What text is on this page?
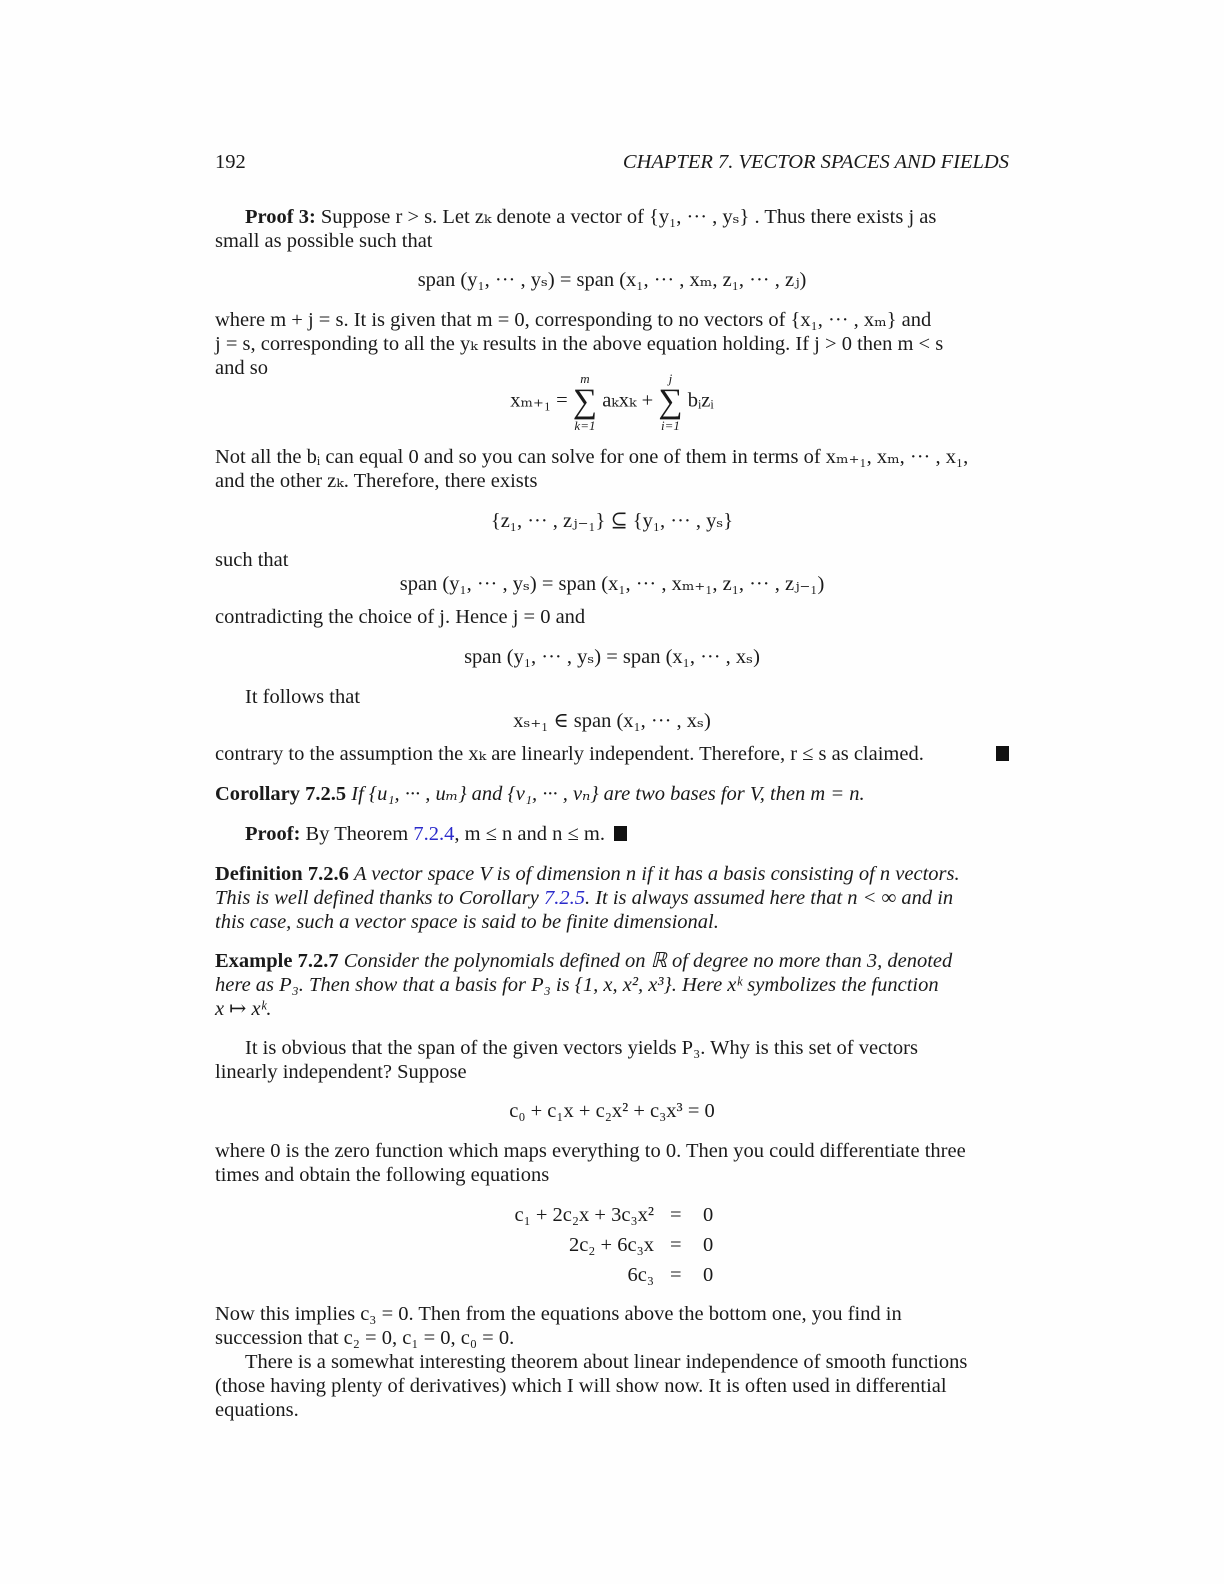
192	CHAPTER 7. VECTOR SPACES AND FIELDS
Proof 3: Suppose r > s. Let zₖ denote a vector of {y₁, ··· , yₛ} . Thus there exists j as
small as possible such that
span (y₁, ··· , yₛ) = span (x₁, ··· , xₘ, z₁, ··· , zⱼ)
where m + j = s. It is given that m = 0, corresponding to no vectors of {x₁, ··· , xₘ} and
j = s, corresponding to all the yₖ results in the above equation holding. If j > 0 then m < s
and so
xₘ₊₁ =
m
∑
k=1
aₖxₖ +
j
∑
i=1
bᵢzᵢ
Not all the bᵢ can equal 0 and so you can solve for one of them in terms of xₘ₊₁, xₘ, ··· , x₁,
and the other zₖ. Therefore, there exists
{z₁, ··· , zⱼ₋₁} ⊆ {y₁, ··· , yₛ}
such that
span (y₁, ··· , yₛ) = span (x₁, ··· , xₘ₊₁, z₁, ··· , zⱼ₋₁)
contradicting the choice of j. Hence j = 0 and
span (y₁, ··· , yₛ) = span (x₁, ··· , xₛ)
It follows that
xₛ₊₁ ∈ span (x₁, ··· , xₛ)
contrary to the assumption the xₖ are linearly independent. Therefore, r ≤ s as claimed.
Corollary 7.2.5 If {u₁, ··· , uₘ} and {v₁, ··· , vₙ} are two bases for V, then m = n.
Proof: By Theorem 7.2.4, m ≤ n and n ≤ m.
Definition 7.2.6 A vector space V is of dimension n if it has a basis consisting of n vectors.
This is well defined thanks to Corollary 7.2.5. It is always assumed here that n < ∞ and in
this case, such a vector space is said to be finite dimensional.
Example 7.2.7 Consider the polynomials defined on ℝ of degree no more than 3, denoted
here as P₃. Then show that a basis for P₃ is {1, x, x², x³}. Here xᵏ symbolizes the function
x ↦ xᵏ.
It is obvious that the span of the given vectors yields P₃. Why is this set of vectors
linearly independent? Suppose
c₀ + c₁x + c₂x² + c₃x³ = 0
where 0 is the zero function which maps everything to 0. Then you could differentiate three
times and obtain the following equations
c₁ + 2c₂x + 3c₃x² = 0
2c₂ + 6c₃x = 0
6c₃ = 0
Now this implies c₃ = 0. Then from the equations above the bottom one, you find in
succession that c₂ = 0, c₁ = 0, c₀ = 0.
There is a somewhat interesting theorem about linear independence of smooth functions
(those having plenty of derivatives) which I will show now. It is often used in differential
equations.
